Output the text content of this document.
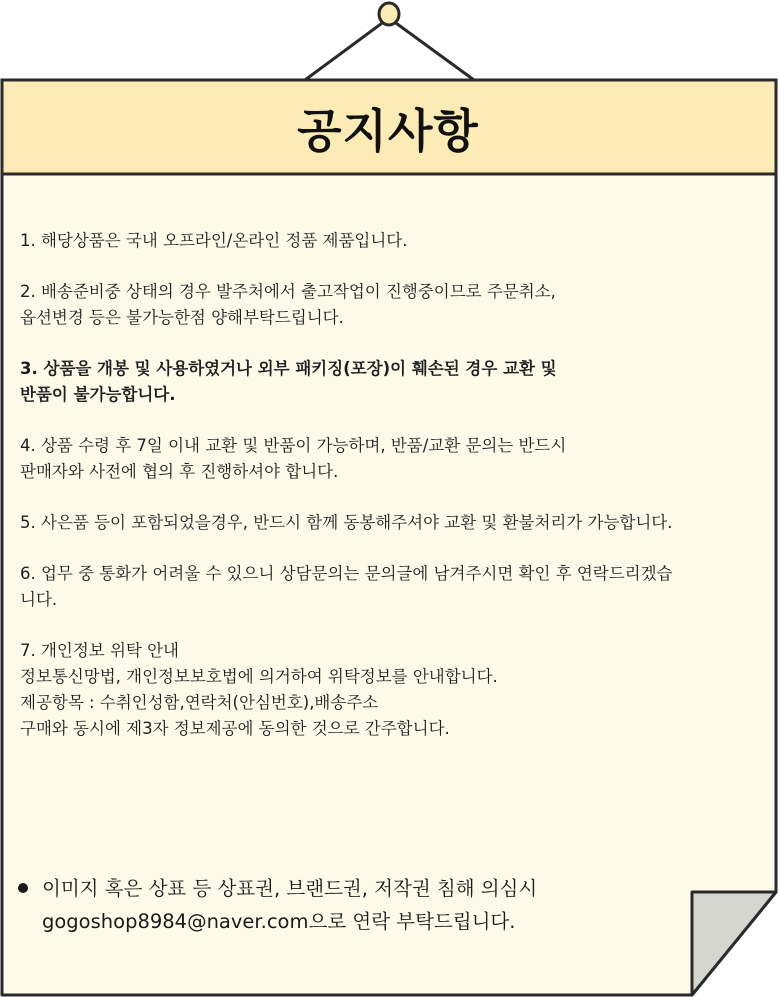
공지사항
1. 해당상품은 국내 오프라인/온라인 정품 제품입니다.
2. 배송준비중 상태의 경우 발주처에서 출고작업이 진행중이므로 주문취소,
옵션변경 등은 불가능한점 양해부탁드립니다.
3. 상품을 개봉 및 사용하였거나 외부 패키징(포장)이 훼손된 경우 교환 및
반품이 불가능합니다.
4. 상품 수령 후 7일 이내 교환 및 반품이 가능하며, 반품/교환 문의는 반드시
판매자와 사전에 협의 후 진행하셔야 합니다.
5. 사은품 등이 포함되었을경우, 반드시 함께 동봉해주셔야 교환 및 환불처리가 가능합니다.
6. 업무 중 통화가 어려울 수 있으니 상담문의는 문의글에 남겨주시면 확인 후 연락드리겠습
니다.
7. 개인정보 위탁 안내
정보통신망법, 개인정보보호법에 의거하여 위탁정보를 안내합니다.
제공항목 : 수취인성함,연락처(안심번호),배송주소
구매와 동시에 제3자 정보제공에 동의한 것으로 간주합니다.
이미지 혹은 상표 등 상표권, 브랜드권, 저작권 침해 의심시
gogoshop8984@naver.com으로 연락 부탁드립니다.
